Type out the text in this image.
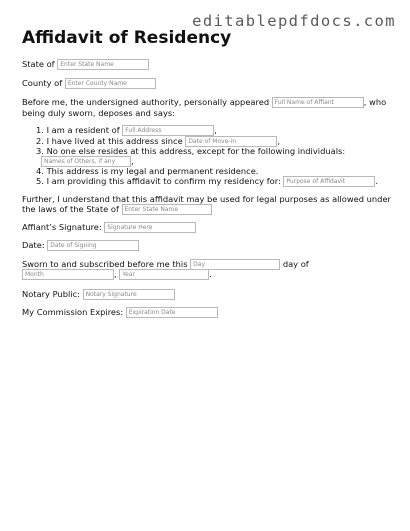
editablepdfdocs.com
Affidavit of Residency
State of Enter State Name
County of Enter County Name
Before me, the undersigned authority, personally appeared Full Name of Affiant	, who
being duly sworn, deposes and says:
1. I am a resident of Full Address	,
2. I have lived at this address since Date of Move-in	,
3. No one else resides at this address, except for the following individuals:
Names of Others, if any ,
4. This address is my legal and permanent residence.
5. I am providing this affidavit to confirm my residency for: Purpose of Affidavit	.
Further, I understand that this affidavit may be used for legal purposes as allowed under
the laws of the State of Enter State Name
Affiant’s Signature: Signature Here
Date: Date of Signing
Sworn to and subscribed before me this Day	day of
Month	, Year	.
Notary Public: Notary Signature
My Commission Expires: Expiration Date
